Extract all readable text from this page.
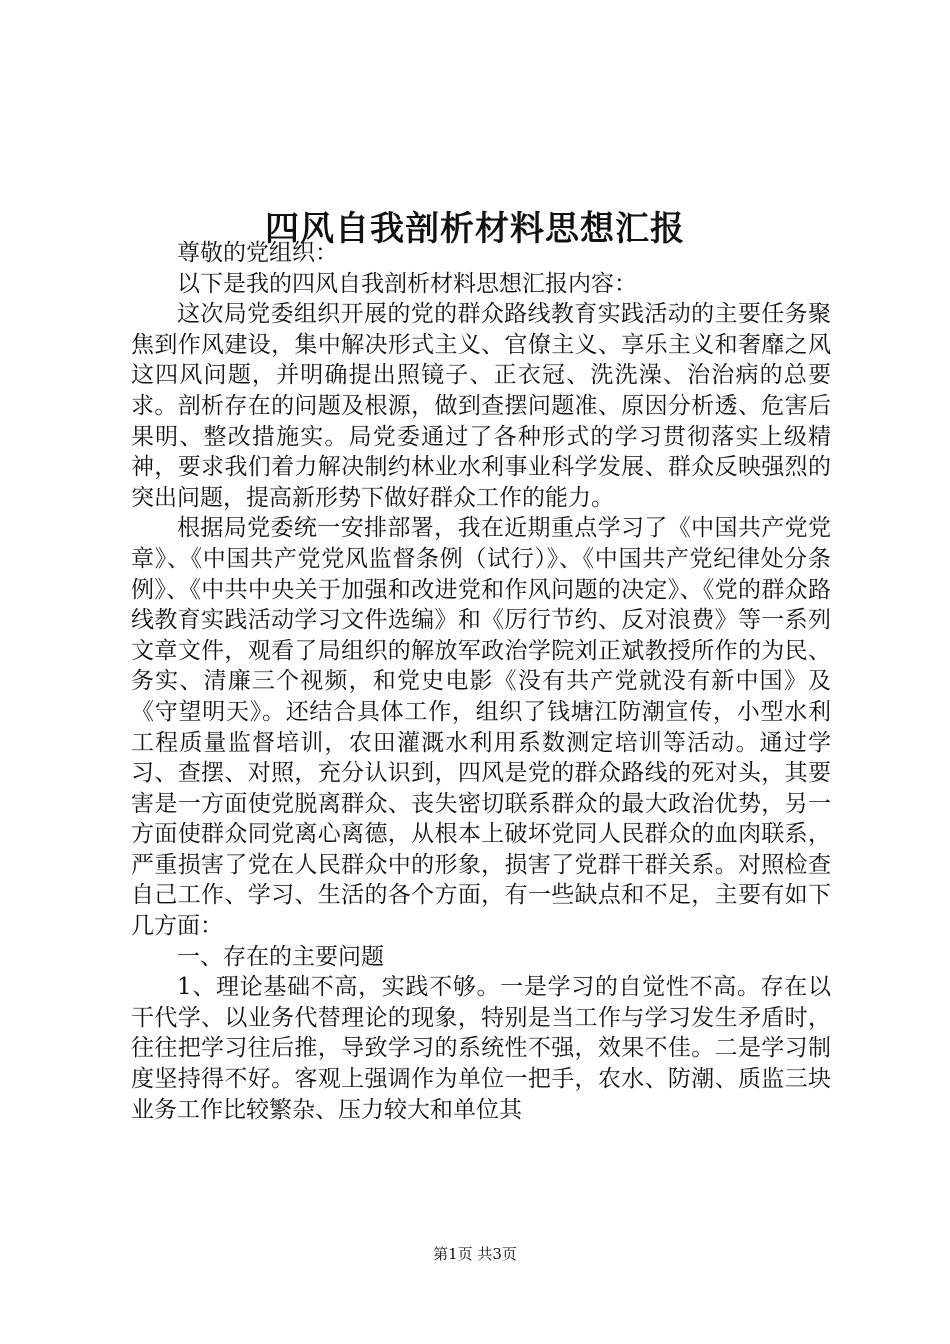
四风自我剖析材料思想汇报

尊敬的党组织：

以下是我的四风自我剖析材料思想汇报内容：

这次局党委组织开展的党的群众路线教育实践活动的主要任务聚焦到作风建设，集中解决形式主义、官僚主义、享乐主义和奢靡之风这四风问题，并明确提出照镜子、正衣冠、洗洗澡、治治病的总要求。剖析存在的问题及根源，做到查摆问题准、原因分析透、危害后果明、整改措施实。局党委通过了各种形式的学习贯彻落实上级精神，要求我们着力解决制约林业水利事业科学发展、群众反映强烈的突出问题，提高新形势下做好群众工作的能力。

根据局党委统一安排部署，我在近期重点学习了《中国共产党党章》、《中国共产党党风监督条例（试行）》、《中国共产党纪律处分条例》、《中共中央关于加强和改进党和作风问题的决定》、《党的群众路线教育实践活动学习文件选编》和《厉行节约、反对浪费》等一系列文章文件，观看了局组织的解放军政治学院刘正斌教授所作的为民、务实、清廉三个视频，和党史电影《没有共产党就没有新中国》及《守望明天》。还结合具体工作，组织了钱塘江防潮宣传，小型水利工程质量监督培训，农田灌溉水利用系数测定培训等活动。通过学习、查摆、对照，充分认识到，四风是党的群众路线的死对头，其要害是一方面使党脱离群众、丧失密切联系群众的最大政治优势，另一方面使群众同党离心离德，从根本上破坏党同人民群众的血肉联系，严重损害了党在人民群众中的形象，损害了党群干群关系。对照检查自己工作、学习、生活的各个方面，有一些缺点和不足，主要有如下几方面：

一、存在的主要问题

1、理论基础不高，实践不够。一是学习的自觉性不高。存在以干代学、以业务代替理论的现象，特别是当工作与学习发生矛盾时，往往把学习往后推，导致学习的系统性不强，效果不佳。二是学习制度坚持得不好。客观上强调作为单位一把手，农水、防潮、质监三块业务工作比较繁杂、压力较大和单位其

第1页 共3页
